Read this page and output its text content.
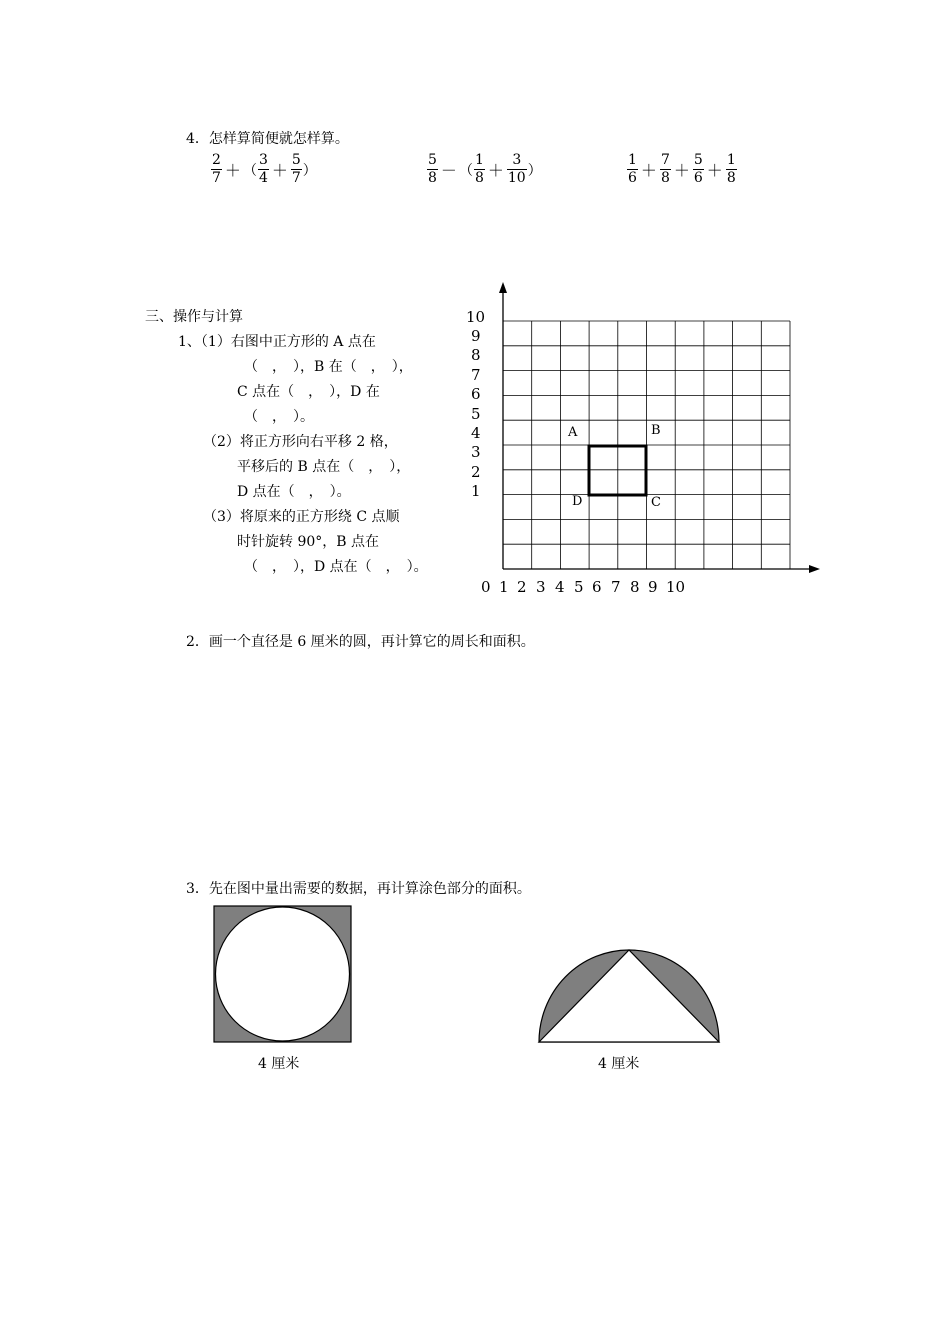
4．怎样算简便就怎样算。
$\frac{2}{7}$ ＋ （ $\frac{3}{4} + \frac{5}{7}$ ）	$\frac{5}{8}$ － （ $\frac{1}{8} + \frac{3}{10}$ ）	$\frac{1}{6} + \frac{7}{8} + \frac{5}{6} + \frac{1}{8}$
三、操作与计算
1、（1）右图中正方形的 A 点在
（　，　），B 在（　，　），
C 点在（　，　），D 在
（　，　）。
（2）将正方形向右平移 2 格，
平移后的 B 点在（　，　），
D 点在（　，　）。
（3）将原来的正方形绕 C 点顺
时针旋转 90°，B 点在
（　，　），D 点在（　，　）。
A	B
C
D
10
9
8
7
6
5
4
3
2
1
0 1 2 3 4 5 6 7 8 9 10
2．画一个直径是 6 厘米的圆，再计算它的周长和面积。
3．先在图中量出需要的数据，再计算涂色部分的面积。
4 厘米	4 厘米
